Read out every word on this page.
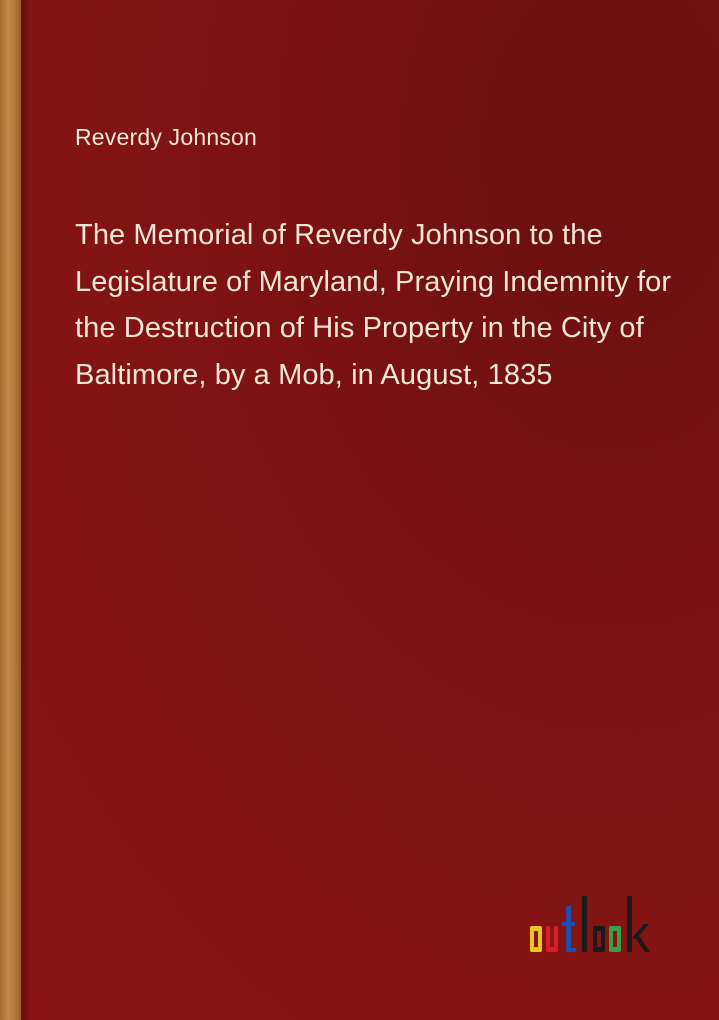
Reverdy Johnson
The Memorial of Reverdy Johnson to the Legislature of Maryland, Praying Indemnity for the Destruction of His Property in the City of Baltimore, by a Mob, in August, 1835
